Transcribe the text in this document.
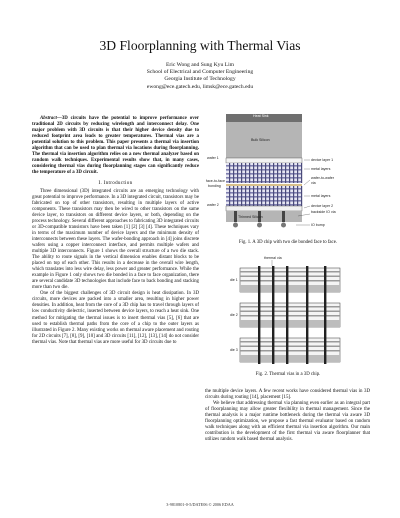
3D Floorplanning with Thermal Vias
Eric Wong and Sung Kyu Lim
School of Electrical and Computer Engineering
Georgia Institute of Technology
ewong@ece.gatech.edu, limsk@ece.gatech.edu

Abstract—3D circuits have the potential to improve performance over traditional 2D circuits by reducing wirelength and interconnect delay. One major problem with 3D circuits is that their higher device density due to reduced footprint area leads to greater temperatures. Thermal vias are a potential solution to this problem. This paper presents a thermal via insertion algorithm that can be used to plan thermal via locations during floorplanning. The thermal via insertion algorithm relies on a new thermal analyzer based on random walk techniques. Experimental results show that, in many cases, considering thermal vias during floorplanning stages can significantly reduce the temperature of a 3D circuit.

I. Introduction

Three dimensional (3D) integrated circuits are an emerging technology with great potential to improve performance. In a 3D integrated circuit, transistors may be fabricated on top of other transistors, resulting in multiple layers of active components. These transistors may then be wired to other transistors on the same device layer, to transistors on different device layers, or both, depending on the process technology. Several different approaches to fabricating 3D integrated circuits or 3D-compatible transistors have been taken [1] [2] [3] [4]. These techniques vary in terms of the maximum number of device layers and the minimum density of interconnects between these layers. The wafer-bonding approach in [4] joins discrete wafers using a copper interconnect interface, and permits multiple wafers and multiple 3D interconnects. Figure 1 shows the overall structure of a two die stack. The ability to route signals in the vertical dimension enables distant blocks to be placed on top of each other. This results in a decrease in the overall wire length, which translates into less wire delay, less power and greater performance. While the example in Figure 1 only shows two die bonded in a face to face organization, there are several candidate 3D technologies that include face to back bonding and stacking more than two die.

One of the biggest challenges of 3D circuit design is heat dissipation. In 3D circuits, more devices are packed into a smaller area, resulting in higher power densities. In addition, heat from the core of a 3D chip has to travel through layers of low conductivity dielectric, inserted between device layers, to reach a heat sink. One method for mitigating the thermal issues is to insert thermal vias [5], [6] that are used to establish thermal paths from the core of a chip to the outer layers as illustrated in Figure 2. Many existing works on thermal aware placement and routing for 2D circuits [7], [8], [9], [10] and 3D circuits [11], [12], [13], [14] do not consider thermal vias. Note that thermal vias are more useful for 3D circuits due to

Heat Sink
Bulk Silicon
wafer 1	device layer 1
metal layers
face-to-face
bonding
wafer-to-wafer
via
metal layers
wafer 2	device layer 2
backside IO via
Thinned Silicon
IO bump
Fig. 1. A 3D chip with two die bonded face to face.
thermal via
die 1
die 2
die 3
Fig. 2. Thermal vias in a 3D chip.

the multiple device layers. A few recent works have considered thermal vias in 3D circuits during routing [14], placement [15].

We believe that addressing thermal via planning even earlier as an integral part of floorplanning may allow greater flexibility in thermal management. Since the thermal analysis is a major runtime bottleneck during the thermal via aware 3D floorplanning optimization, we propose a fast thermal evaluator based on random walk techniques along with an efficient thermal via insertion algorithm. Our main contribution is the development of the first thermal via aware floorplanner that utilizes random walk based thermal analysis.

3-9810801-0-5/DATE06 © 2006 EDAA
